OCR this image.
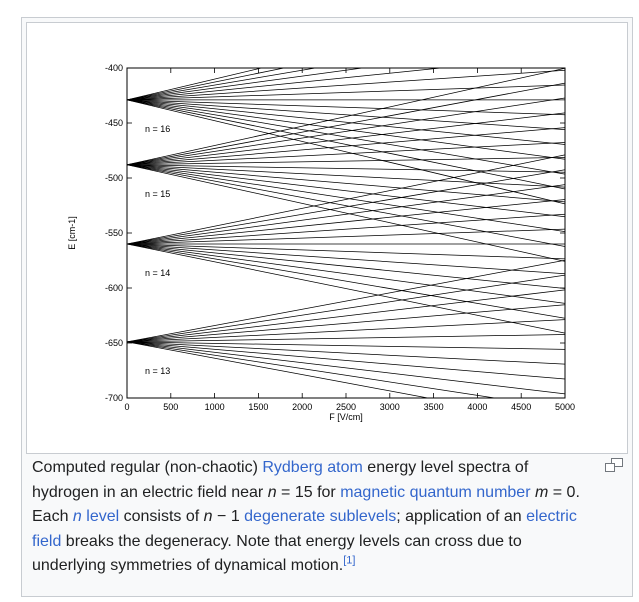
0	500	1000	1500	2000	2500	3000	3500	4000	4500	5000
-400
-450
-500
-550
-600
-650
-700
F [V/cm]
E [cm-1]
n = 13
n = 14
n = 15
n = 16
Computed regular (non-chaotic) Rydberg atom energy level spectra of hydrogen in an electric field near n = 15 for magnetic quantum number m = 0. Each n level consists of n − 1 degenerate sublevels; application of an electric field breaks the degeneracy. Note that energy levels can cross due to underlying symmetries of dynamical motion.[1]
